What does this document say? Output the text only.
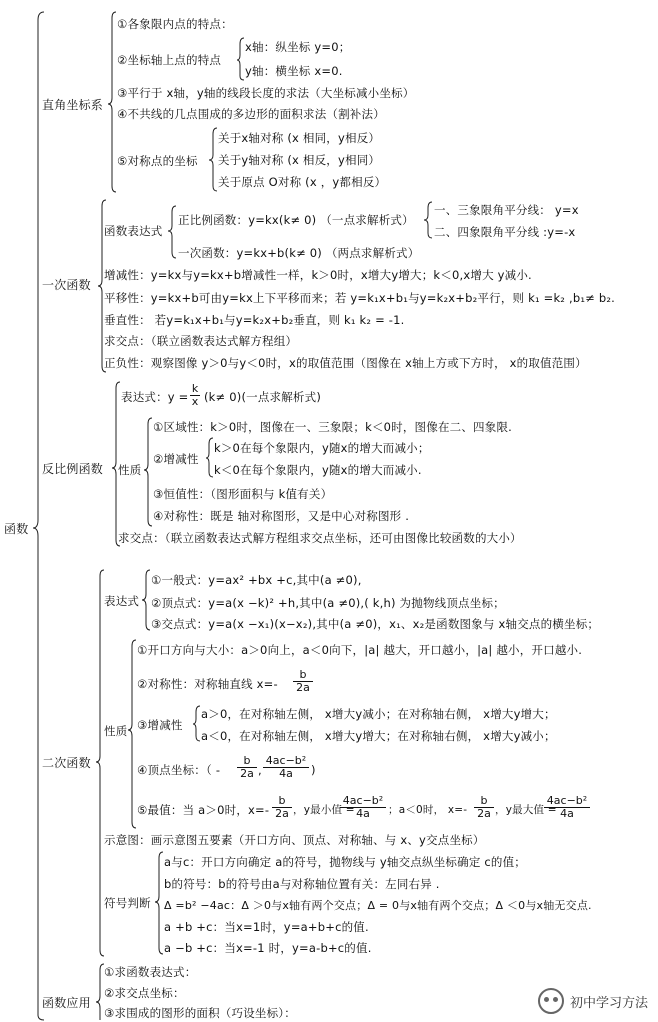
函数
直角坐标系
①各象限内点的特点：
②坐标轴上点的特点
x轴：纵坐标 y=0；
y轴：横坐标 x=0.
③平行于 x轴，y轴的线段长度的求法（大坐标减小坐标）
④不共线的几点围成的多边形的面积求法（割补法）
⑤对称点的坐标
关于x轴对称 (x 相同，y相反）
关于y轴对称 (x 相反，y相同）
关于原点 O对称 (x ，y都相反）
一次函数
函数表达式
正比例函数：y=kx(k≠ 0) （一点求解析式）
一、三象限角平分线： y=x
二、四象限角平分线 :y=-x
一次函数：y=kx+b(k≠ 0) （两点求解析式）
增减性：y=kx与y=kx+b增减性一样，k＞0时，x增大y增大；k＜0,x增大 y减小.
平移性：y=kx+b可由y=kx上下平移而来；若 y=k₁x+b₁与y=k₂x+b₂平行，则 k₁ =k₂ ,b₁≠ b₂.
垂直性： 若y=k₁x+b₁与y=k₂x+b₂垂直，则 k₁ k₂ = -1.
求交点：（联立函数表达式解方程组）
正负性：观察图像 y＞0与y＜0时，x的取值范围（图像在 x轴上方或下方时， x的取值范围）
反比例函数
表达式：$y = \frac{k}{x} (k\ne 0)$(一点求解析式)
性质
①区域性：k＞0时，图像在一、三象限；k＜0时，图像在二、四象限.
②增减性
k＞0在每个象限内，y随x的增大而减小；
k＜0在每个象限内，y随x的增大而减小.
③恒值性：（图形面积与 k值有关）
④对称性：既是 轴对称图形，又是中心对称图形 .
求交点：（联立函数表达式解方程组求交点坐标，还可由图像比较函数的大小）
二次函数
表达式
①一般式：y=ax² +bx +c,其中(a ≠0),
②顶点式：y=a(x −k)² +h,其中(a ≠0),( k,h) 为抛物线顶点坐标；
③交点式：y=a(x −x₁)(x−x₂),其中(a ≠0)，x₁、x₂是函数图象与 x轴交点的横坐标；
性质
①开口方向与大小：a＞0向上，a＜0向下，|a| 越大，开口越小，|a| 越小，开口越小.
②对称性：对称轴直线 $x=- \frac{b}{2a}$
③增减性
a＞0，在对称轴左侧， x增大y减小；在对称轴右侧， x增大y增大；
a＜0，在对称轴左侧， x增大y增大；在对称轴右侧， x增大y减小；
④顶点坐标：（ - $\frac{b}{2a}$ , $\frac{\text{4ac−b²}}{4a}$ )
⑤最值：当 a＞0时，$x=- \frac{b}{2a}$ ，y最小值 =
$\frac{\text{4ac−b²}}{4a}$ ；a＜0时， $x=- \frac{b}{2a}$ ，y最大值 =
$\frac{\text{4ac−b²}}{4a}$
示意图：画示意图五要素（开口方向、顶点、对称轴、与 x、y交点坐标）
符号判断
a与c：开口方向确定 a的符号，抛物线与 y轴交点纵坐标确定 c的值；
b的符号：b的符号由a与对称轴位置有关：左同右异 .
Δ =b² −4ac：Δ ＞0与x轴有两个交点；Δ = 0与x轴有两个交点；Δ ＜0与x轴无交点.
a +b +c：当x=1时，y=a+b+c的值.
a −b +c：当x=-1 时，y=a-b+c的值.
函数应用
①求函数表达式：
②求交点坐标：
③求围成的图形的面积（巧设坐标）：
初中学习方法
